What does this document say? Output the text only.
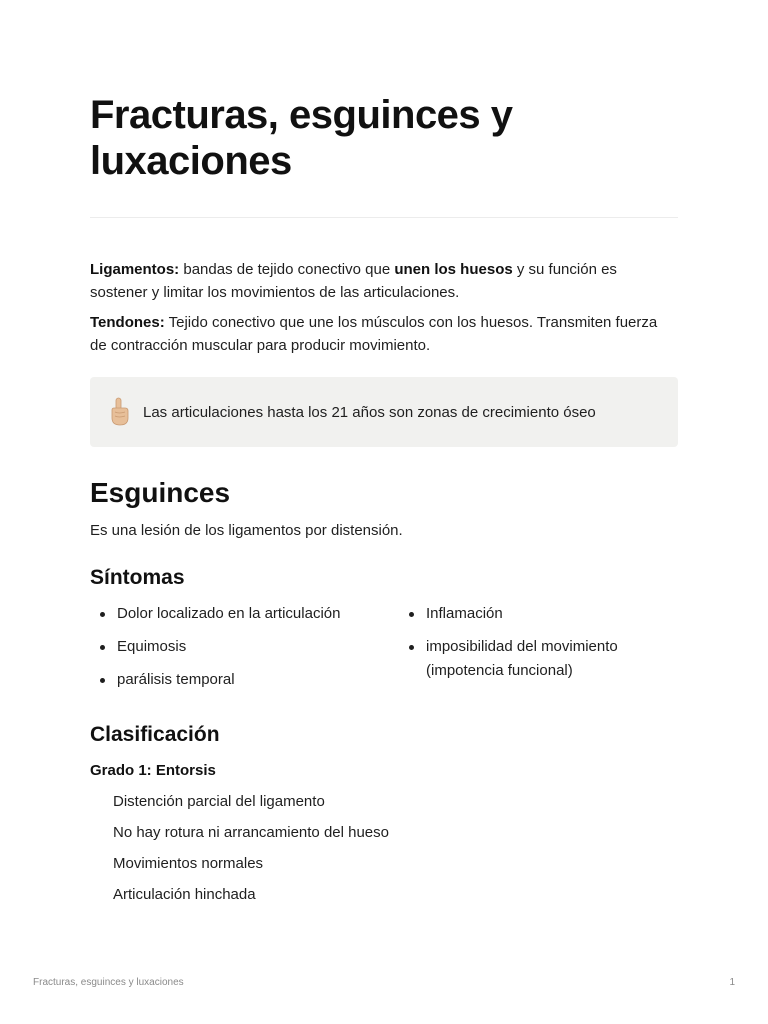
Fracturas, esguinces y
luxaciones

Ligamentos: bandas de tejido conectivo que unen los huesos y su función es sostener y limitar los movimientos de las articulaciones.

Tendones: Tejido conectivo que une los músculos con los huesos. Transmiten fuerza de contracción muscular para producir movimiento.

Las articulaciones hasta los 21 años son zonas de crecimiento óseo
Esguinces

Es una lesión de los ligamentos por distensión.

Síntomas
Dolor localizado en la articulación
Equimosis
parálisis temporal
Inflamación
imposibilidad del movimiento (impotencia funcional)
Clasificación
Grado 1: Entorsis
Distención parcial del ligamento
No hay rotura ni arrancamiento del hueso
Movimientos normales
Articulación hinchada
Fracturas, esguinces y luxaciones	1
